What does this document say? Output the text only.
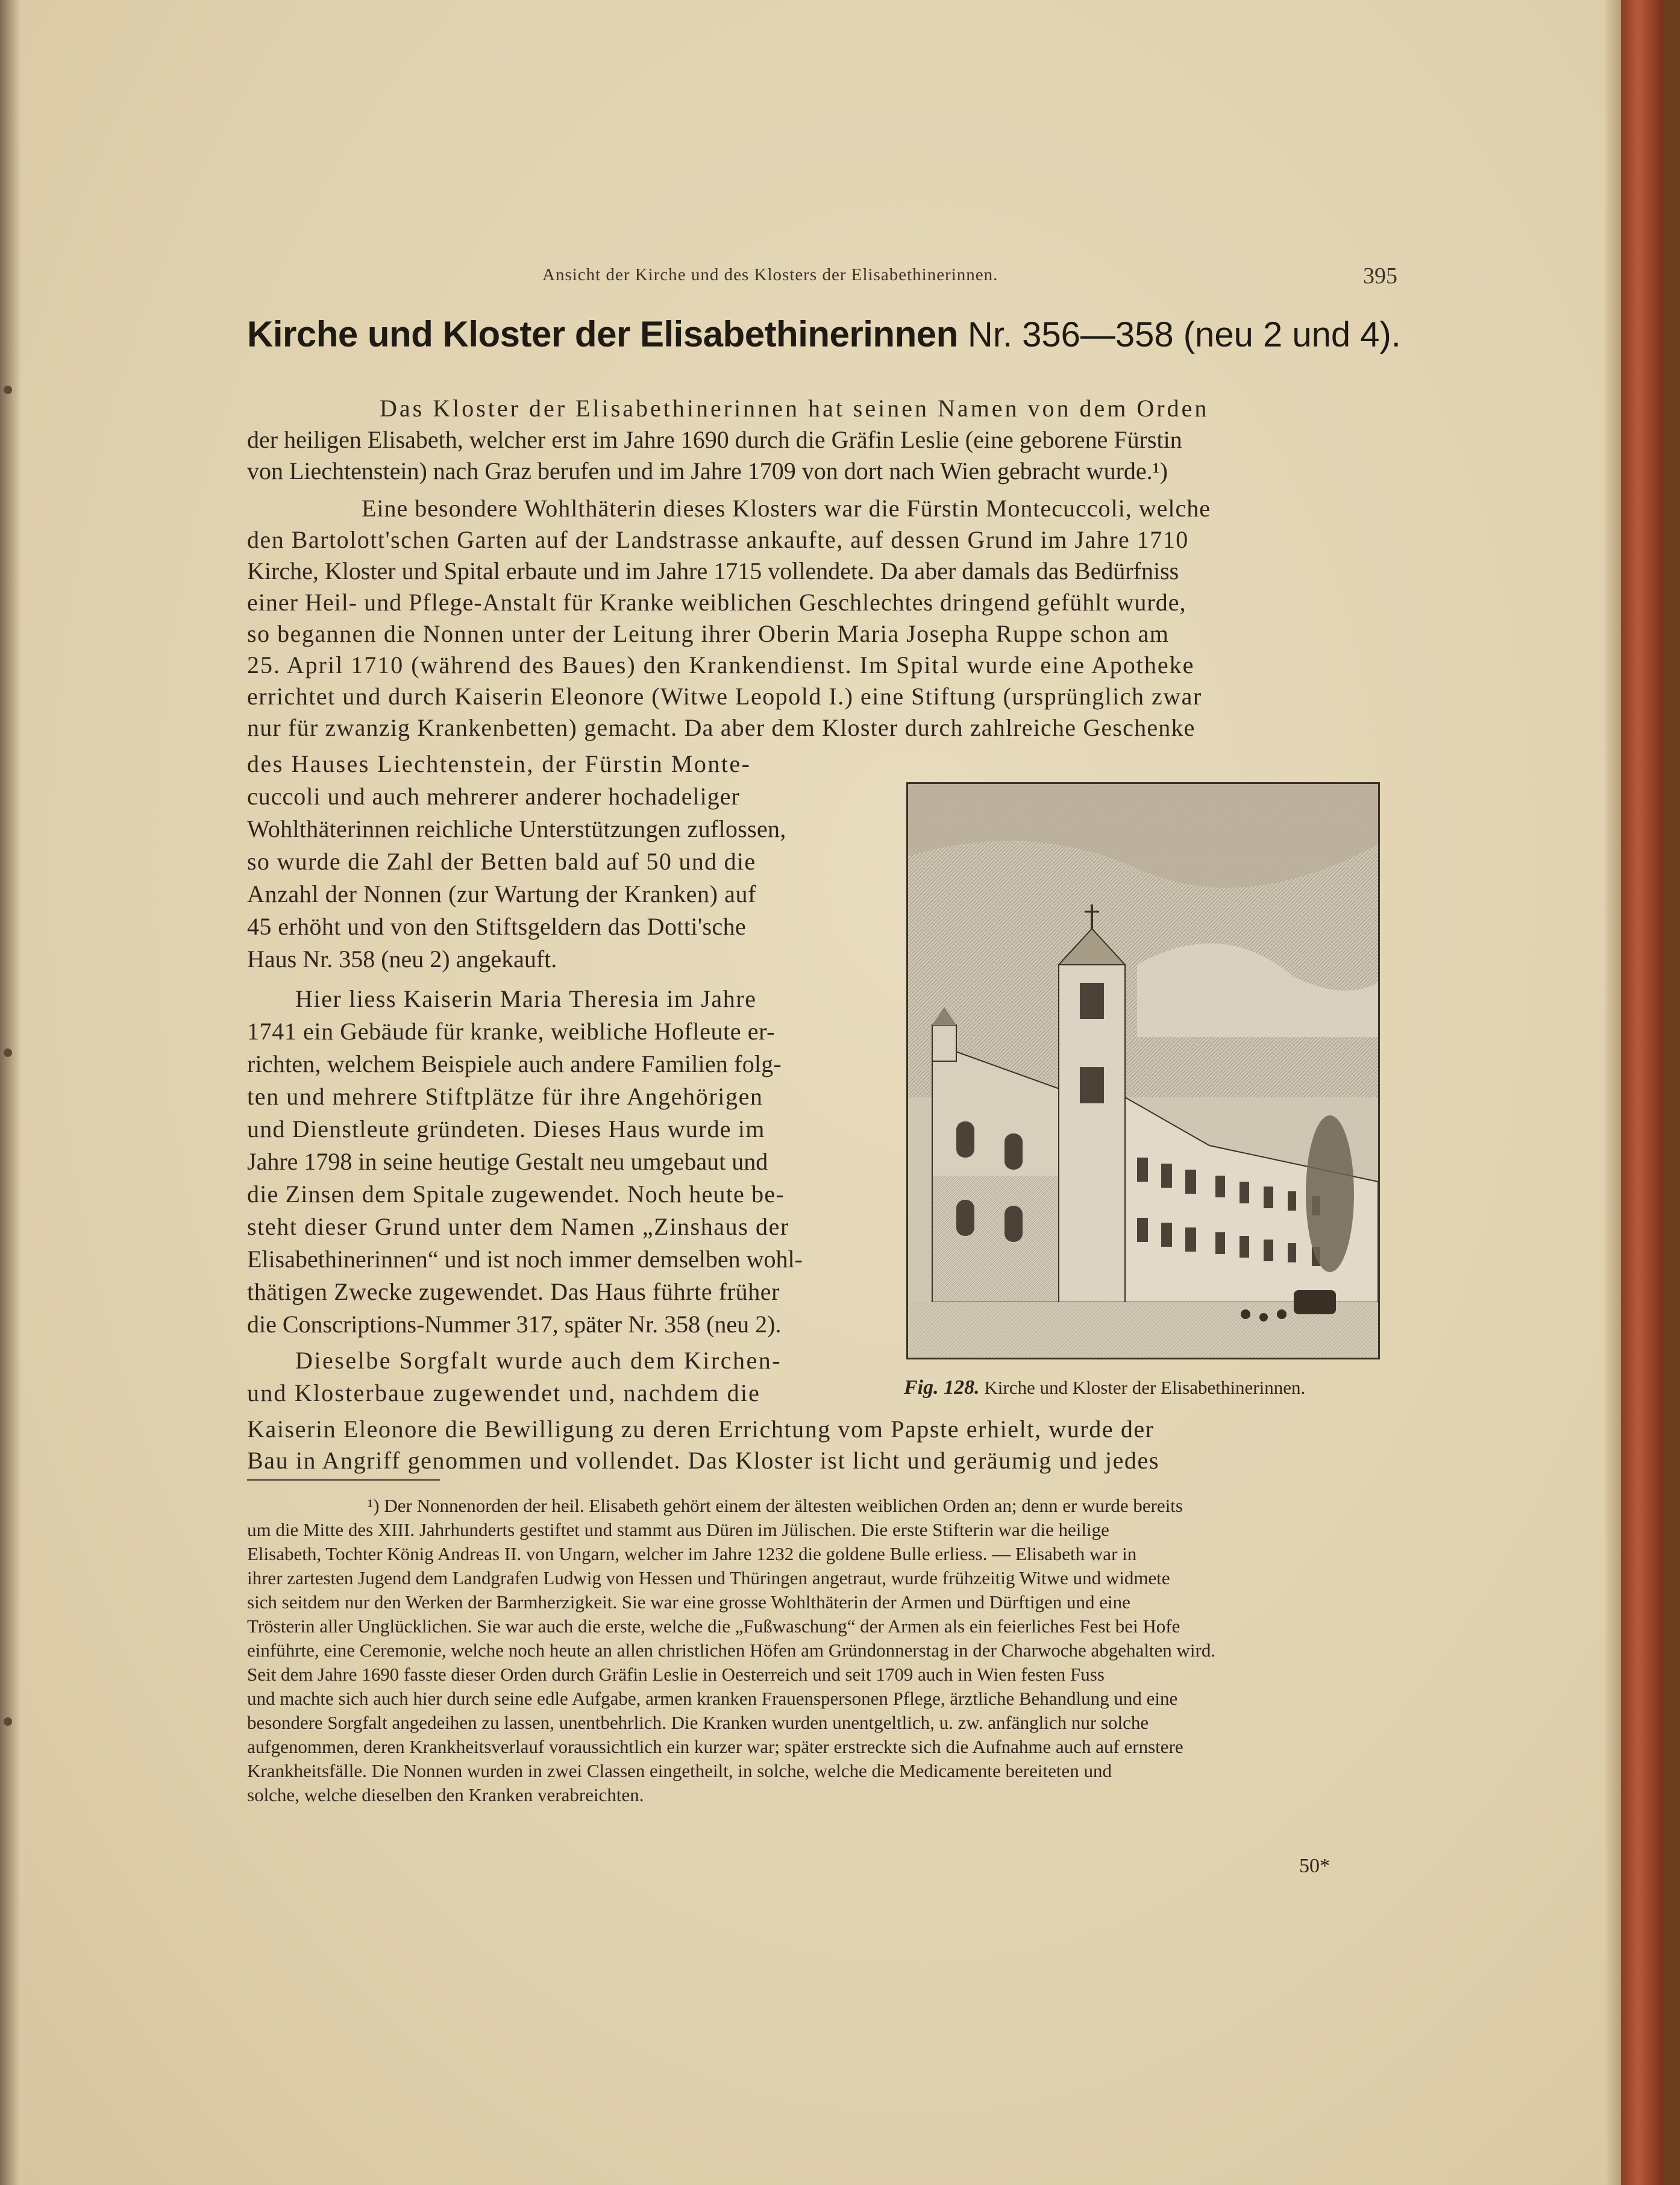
Ansicht der Kirche und des Klosters der Elisabethinerinnen.	395
Kirche und Kloster der Elisabethinerinnen Nr. 356—358 (neu 2 und 4).
Das Kloster der Elisabethinerinnen hat seinen Namen von dem Orden
der heiligen Elisabeth, welcher erst im Jahre 1690 durch die Gräfin Leslie (eine geborene Fürstin
von Liechtenstein) nach Graz berufen und im Jahre 1709 von dort nach Wien gebracht wurde.¹)
Eine besondere Wohlthäterin dieses Klosters war die Fürstin Montecuccoli, welche
den Bartolott'schen Garten auf der Landstrasse ankaufte, auf dessen Grund im Jahre 1710
Kirche, Kloster und Spital erbaute und im Jahre 1715 vollendete. Da aber damals das Bedürfniss
einer Heil- und Pflege-Anstalt für Kranke weiblichen Geschlechtes dringend gefühlt wurde,
so begannen die Nonnen unter der Leitung ihrer Oberin Maria Josepha Ruppe schon am
25. April 1710 (während des Baues) den Krankendienst. Im Spital wurde eine Apotheke
errichtet und durch Kaiserin Eleonore (Witwe Leopold I.) eine Stiftung (ursprünglich zwar
nur für zwanzig Krankenbetten) gemacht. Da aber dem Kloster durch zahlreiche Geschenke
des Hauses Liechtenstein, der Fürstin Monte-
cuccoli und auch mehrerer anderer hochadeliger
Wohlthäterinnen reichliche Unterstützungen zuflossen,
so wurde die Zahl der Betten bald auf 50 und die
Anzahl der Nonnen (zur Wartung der Kranken) auf
45 erhöht und von den Stiftsgeldern das Dotti'sche
Haus Nr. 358 (neu 2) angekauft.
Hier liess Kaiserin Maria Theresia im Jahre
1741 ein Gebäude für kranke, weibliche Hofleute er-
richten, welchem Beispiele auch andere Familien folg-
ten und mehrere Stiftplätze für ihre Angehörigen
und Dienstleute gründeten. Dieses Haus wurde im
Jahre 1798 in seine heutige Gestalt neu umgebaut und
die Zinsen dem Spitale zugewendet. Noch heute be-
steht dieser Grund unter dem Namen „Zinshaus der
Elisabethinerinnen“ und ist noch immer demselben wohl-
thätigen Zwecke zugewendet. Das Haus führte früher
die Conscriptions-Nummer 317, später Nr. 358 (neu 2).
Dieselbe Sorgfalt wurde auch dem Kirchen-
und Klosterbaue zugewendet und, nachdem die
Kaiserin Eleonore die Bewilligung zu deren Errichtung vom Papste erhielt, wurde der
Bau in Angriff genommen und vollendet. Das Kloster ist licht und geräumig und jedes
Fig. 128. Kirche und Kloster der Elisabethinerinnen.
¹) Der Nonnenorden der heil. Elisabeth gehört einem der ältesten weiblichen Orden an; denn er wurde bereits
um die Mitte des XIII. Jahrhunderts gestiftet und stammt aus Düren im Jülischen. Die erste Stifterin war die heilige
Elisabeth, Tochter König Andreas II. von Ungarn, welcher im Jahre 1232 die goldene Bulle erliess. — Elisabeth war in
ihrer zartesten Jugend dem Landgrafen Ludwig von Hessen und Thüringen angetraut, wurde frühzeitig Witwe und widmete
sich seitdem nur den Werken der Barmherzigkeit. Sie war eine grosse Wohlthäterin der Armen und Dürftigen und eine
Trösterin aller Unglücklichen. Sie war auch die erste, welche die „Fußwaschung“ der Armen als ein feierliches Fest bei Hofe
einführte, eine Ceremonie, welche noch heute an allen christlichen Höfen am Gründonnerstag in der Charwoche abgehalten wird.
Seit dem Jahre 1690 fasste dieser Orden durch Gräfin Leslie in Oesterreich und seit 1709 auch in Wien festen Fuss
und machte sich auch hier durch seine edle Aufgabe, armen kranken Frauenspersonen Pflege, ärztliche Behandlung und eine
besondere Sorgfalt angedeihen zu lassen, unentbehrlich. Die Kranken wurden unentgeltlich, u. zw. anfänglich nur solche
aufgenommen, deren Krankheitsverlauf voraussichtlich ein kurzer war; später erstreckte sich die Aufnahme auch auf ernstere
Krankheitsfälle. Die Nonnen wurden in zwei Classen eingetheilt, in solche, welche die Medicamente bereiteten und
solche, welche dieselben den Kranken verabreichten.
50*
